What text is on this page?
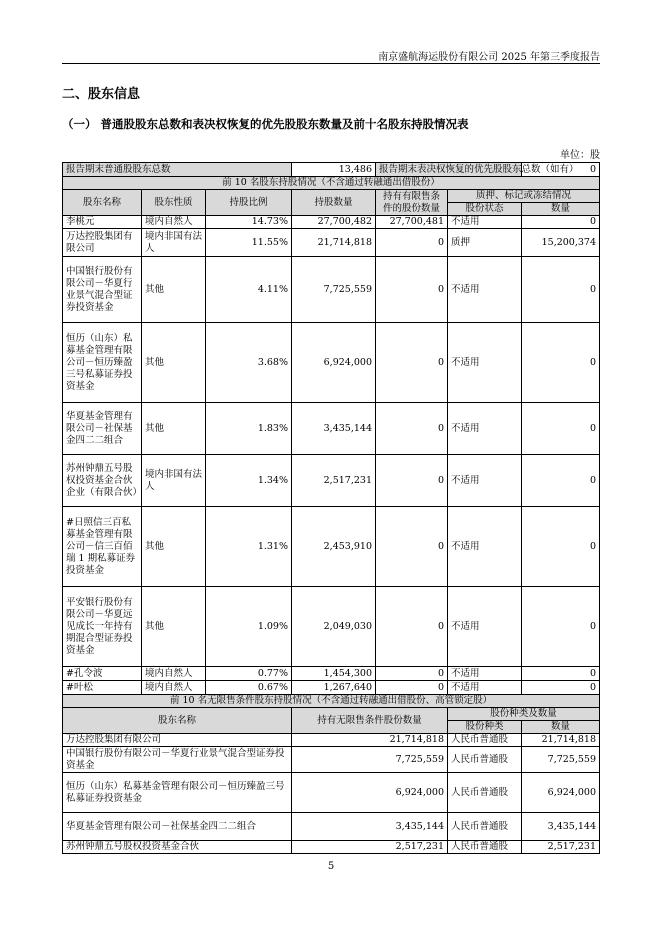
南京盛航海运股份有限公司 2025 年第三季度报告
二、股东信息
（一） 普通股股东总数和表决权恢复的优先股股东数量及前十名股东持股情况表
单位：股
报告期末普通股股东总数			13,486	报告期末表决权恢复的优先股股东总数（如有）		0
前 10 名股东持股情况（不含通过转融通出借股份）						
股东名称	股东性质	持股比例	持股数量	持有有限售条件的股份数量	质押、标记或冻结情况	
					股份状态	数量
李桃元	境内自然人	14.73%	27,700,482	27,700,481	不适用	0
万达控股集团有限公司	境内非国有法人	11.55%	21,714,818	0	质押	15,200,374
中国银行股份有限公司－华夏行业景气混合型证券投资基金	其他	4.11%	7,725,559	0	不适用	0
恒历（山东）私募基金管理有限公司－恒历臻盈三号私募证券投资基金	其他	3.68%	6,924,000	0	不适用	0
华夏基金管理有限公司－社保基金四二二组合	其他	1.83%	3,435,144	0	不适用	0
苏州钟鼎五号股权投资基金合伙企业（有限合伙）	境内非国有法人	1.34%	2,517,231	0	不适用	0
#日照信三百私募基金管理有限公司－信三百佰瑞 1 期私募证券投资基金	其他	1.31%	2,453,910	0	不适用	0
平安银行股份有限公司－华夏远见成长一年持有期混合型证券投资基金	其他	1.09%	2,049,030	0	不适用	0
#孔令波	境内自然人	0.77%	1,454,300	0	不适用	0
#叶松	境内自然人	0.67%	1,267,640	0	不适用	0
前 10 名无限售条件股东持股情况（不含通过转融通出借股份、高管锁定股）						
股东名称			持有无限售条件股份数量		股份种类及数量	
					股份种类	数量
万达控股集团有限公司			21,714,818		人民币普通股	21,714,818
中国银行股份有限公司－华夏行业景气混合型证券投资基金			7,725,559		人民币普通股	7,725,559
恒历（山东）私募基金管理有限公司－恒历臻盈三号私募证券投资基金			6,924,000		人民币普通股	6,924,000
华夏基金管理有限公司－社保基金四二二组合			3,435,144		人民币普通股	3,435,144
苏州钟鼎五号股权投资基金合伙			2,517,231		人民币普通股	2,517,231
5
